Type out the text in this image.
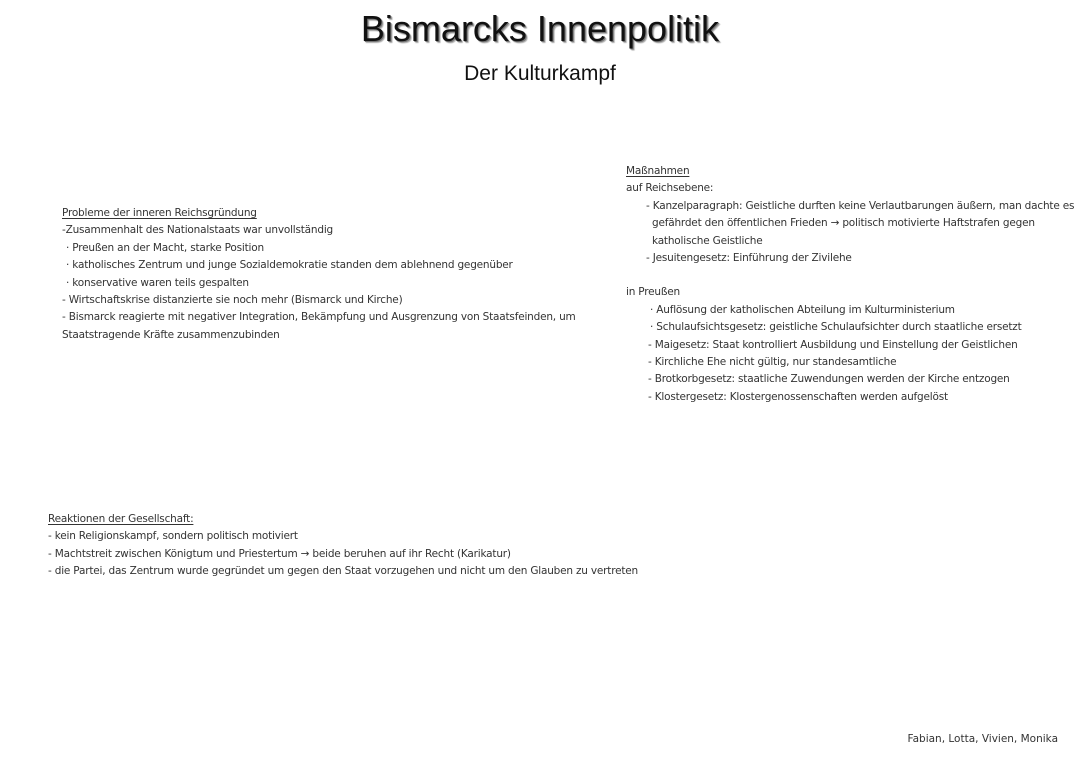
Bismarcks Innenpolitik
Der Kulturkampf
Probleme der inneren Reichsgründung
-Zusammenhalt des Nationalstaats war unvollständig
· Preußen an der Macht, starke Position
· katholisches Zentrum und junge Sozialdemokratie standen dem ablehnend gegenüber
· konservative waren teils gespalten
- Wirtschaftskrise distanzierte sie noch mehr (Bismarck und Kirche)
- Bismarck reagierte mit negativer Integration, Bekämpfung und Ausgrenzung von Staatsfeinden, um
Staatstragende Kräfte zusammenzubinden
Maßnahmen
auf Reichsebene:
- Kanzelparagraph: Geistliche durften keine Verlautbarungen äußern, man dachte es
gefährdet den öffentlichen Frieden → politisch motivierte Haftstrafen gegen
katholische Geistliche
- Jesuitengesetz: Einführung der Zivilehe
in Preußen
· Auflösung der katholischen Abteilung im Kulturministerium
· Schulaufsichtsgesetz: geistliche Schulaufsichter durch staatliche ersetzt
- Maigesetz: Staat kontrolliert Ausbildung und Einstellung der Geistlichen
- Kirchliche Ehe nicht gültig, nur standesamtliche
- Brotkorbgesetz: staatliche Zuwendungen werden der Kirche entzogen
- Klostergesetz: Klostergenossenschaften werden aufgelöst
Reaktionen der Gesellschaft:
- kein Religionskampf, sondern politisch motiviert
- Machtstreit zwischen Königtum und Priestertum → beide beruhen auf ihr Recht (Karikatur)
- die Partei, das Zentrum wurde gegründet um gegen den Staat vorzugehen und nicht um den Glauben zu vertreten
Fabian, Lotta, Vivien, Monika
